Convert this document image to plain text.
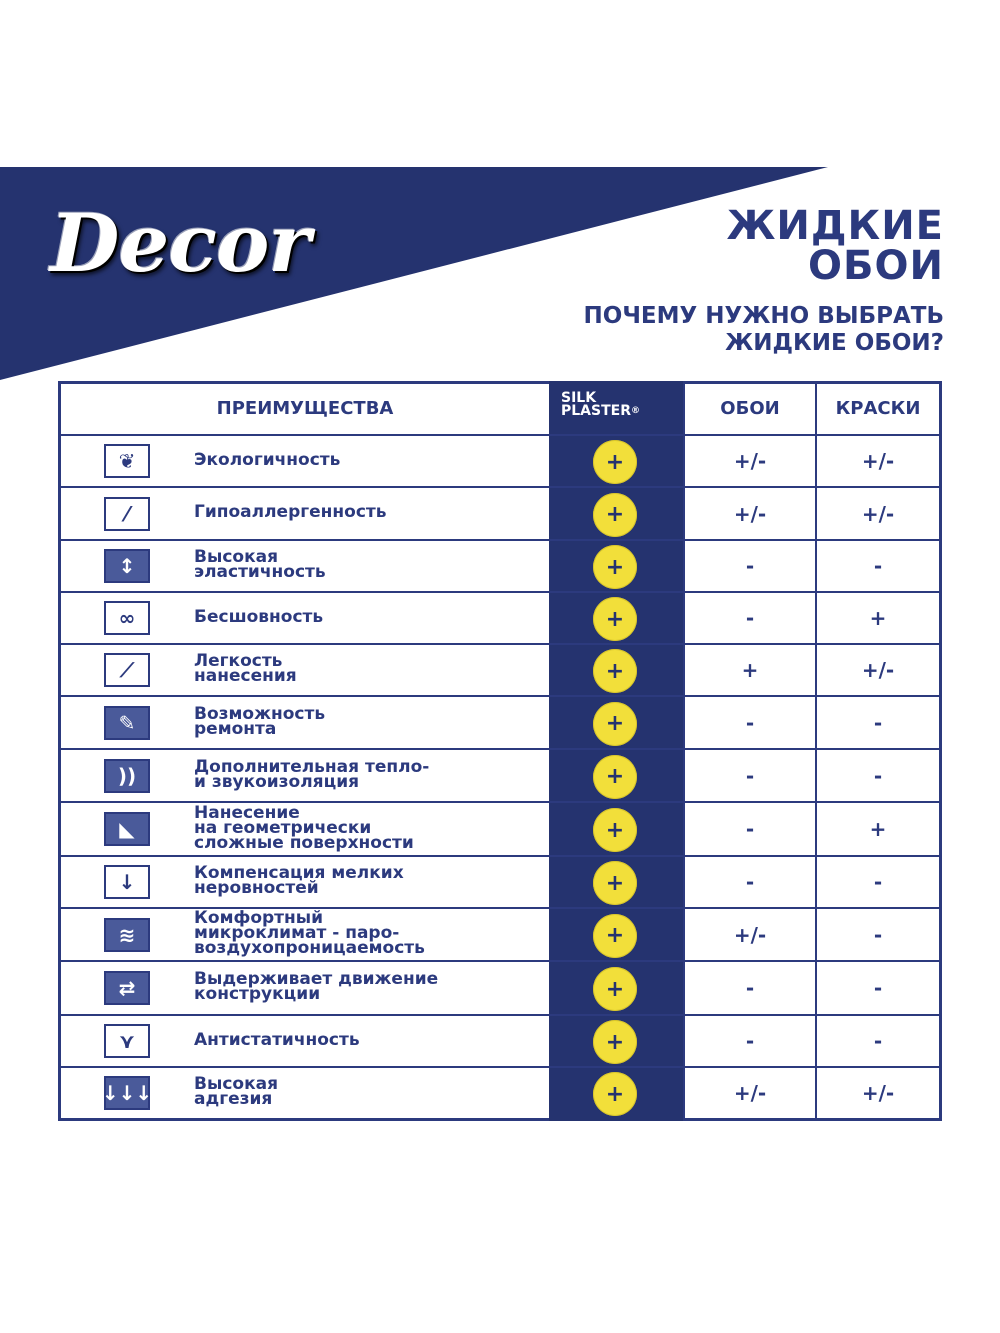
Decor	ЖИДКИЕ
ОБОИ
ПОЧЕМУ НУЖНО ВЫБРАТЬ
ЖИДКИЕ ОБОИ?
ПРЕИМУЩЕСТВА	SILK
PLASTER®	ОБОИ	КРАСКИ
❦	Экологичность	+	+/-	+/-
⁄	Гипоаллергенность	+	+/-	+/-
↕	Высокая
эластичность	+	-	-
∞	Бесшовность	+	-	+
⟋	Легкость
нанесения	+	+	+/-
✎	Возможность
ремонта	+	-	-
))	Дополнительная тепло-
и звукоизоляция	+	-	-
◣
Нанесение
на геометрически
сложные поверхности	+	-	+
↓	Компенсация мелких
неровностей	+	-	-
≋
Комфортный
микроклимат - паро-
воздухопроницаемость	+	+/-	-
⇄	Выдерживает движение
конструкции	+	-	-
⋎	Антистатичность	+	-	-
↓↓↓ Высокая
адгезия	+	+/-	+/-
